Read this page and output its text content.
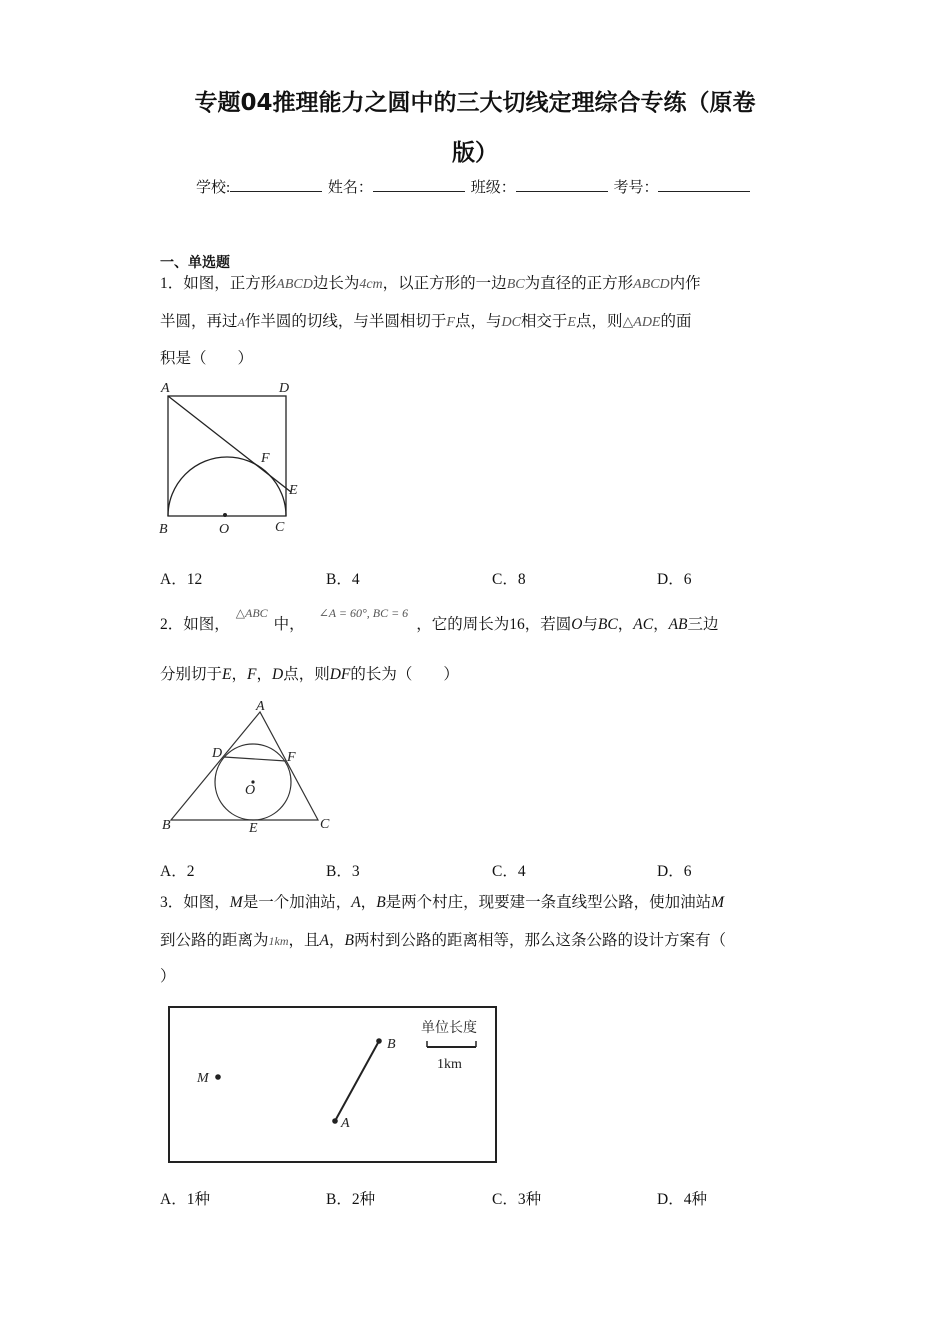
专题04推理能力之圆中的三大切线定理综合专练（原卷
版）
学校:	姓名：	班级：	考号：
一、单选题
1．如图，正方形ABCD边长为4cm，以正方形的一边BC为直径的正方形ABCD内作
半圆，再过A作半圆的切线，与半圆相切于F点，与DC相交于E点，则△ADE的面
积是（　　）
A	D
F
E
B	O	C
A．12	B．4	C．8	D．6
2．如图，$^{\triangle ABC}$中，$^{\angle A = 60^\circ, BC = 6}$，它的周长为16，若圆O与BC，AC，AB三边
分别切于E，F，D点，则DF的长为（　　）
A
D	F
O
B	E	C
A．2	B．3	C．4	D．6
3．如图，M是一个加油站，A，B是两个村庄，现要建一条直线型公路，使加油站M
到公路的距离为1km，且A，B两村到公路的距离相等，那么这条公路的设计方案有（
）
M
A
B
单位长度
1km
A．1种	B．2种	C．3种	D．4种
